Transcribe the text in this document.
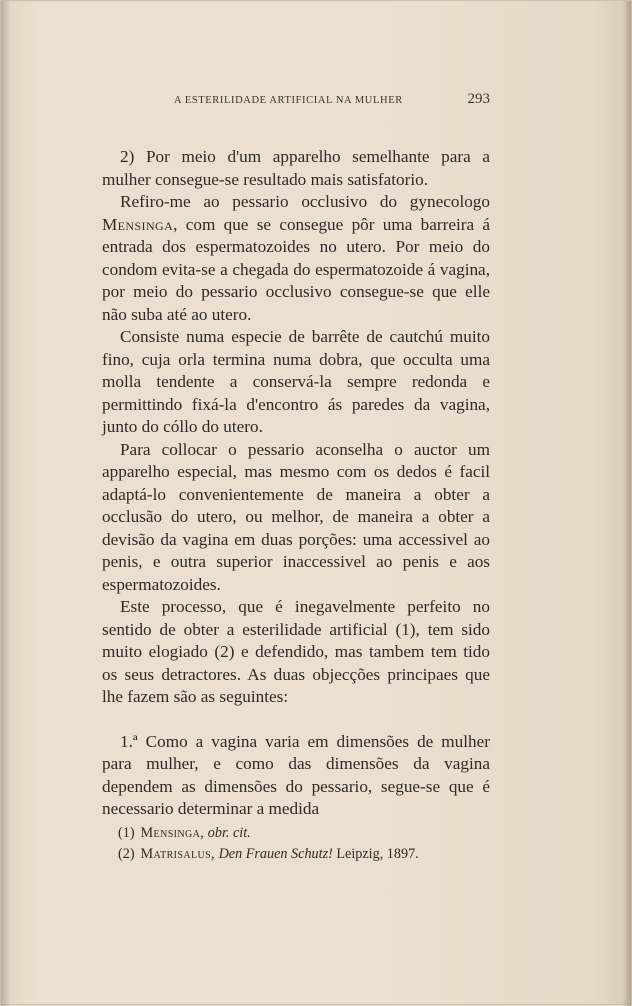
A ESTERILIDADE ARTIFICIAL NA MULHER	293

2) Por meio d'um apparelho semelhante para a mulher consegue-se resultado mais satisfatorio.

Refiro-me ao pessario occlusivo do gynecologo Mensinga, com que se consegue pôr uma barreira á entrada dos espermatozoides no utero. Por meio do condom evita-se a chegada do espermatozoide á vagina, por meio do pessario occlusivo consegue-se que elle não suba até ao utero.

Consiste numa especie de barrête de cautchú muito fino, cuja orla termina numa dobra, que occulta uma molla tendente a conservá-la sempre redonda e permittindo fixá-la d'encontro ás paredes da vagina, junto do cóllo do utero.

Para collocar o pessario aconselha o auctor um apparelho especial, mas mesmo com os dedos é facil adaptá-lo convenientemente de maneira a obter a occlusão do utero, ou melhor, de maneira a obter a devisão da vagina em duas porções: uma accessivel ao penis, e outra superior inaccessivel ao penis e aos espermatozoides.

Este processo, que é inegavelmente perfeito no sentido de obter a esterilidade artificial (1), tem sido muito elogiado (2) e defendido, mas tambem tem tido os seus detractores. As duas objecções principaes que lhe fazem são as seguintes:

1.ª Como a vagina varia em dimensões de mulher para mulher, e como das dimensões da vagina dependem as dimensões do pessario, segue-se que é necessario determinar a medida

(1) Mensinga, obr. cit.

(2) Matrisalus, Den Frauen Schutz! Leipzig, 1897.
